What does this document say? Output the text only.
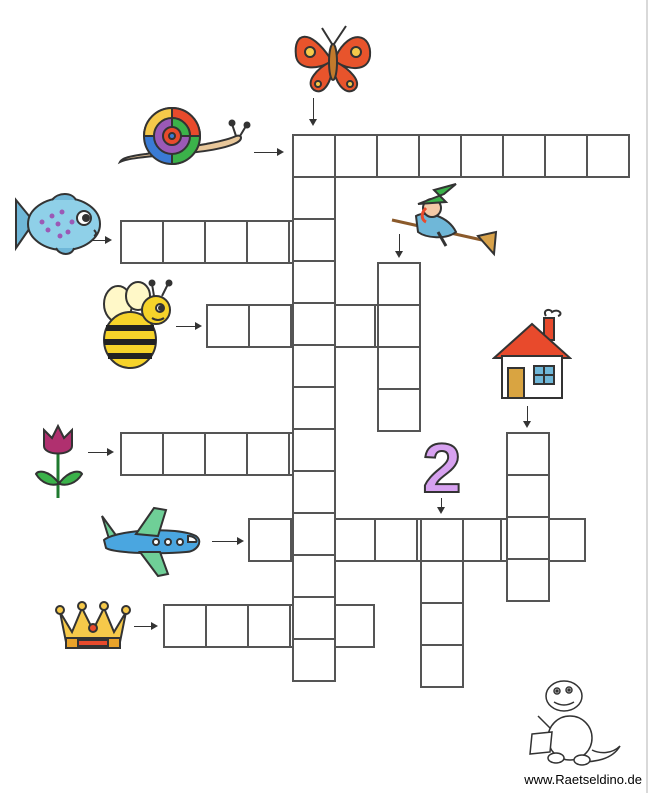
2
www.Raetseldino.de
